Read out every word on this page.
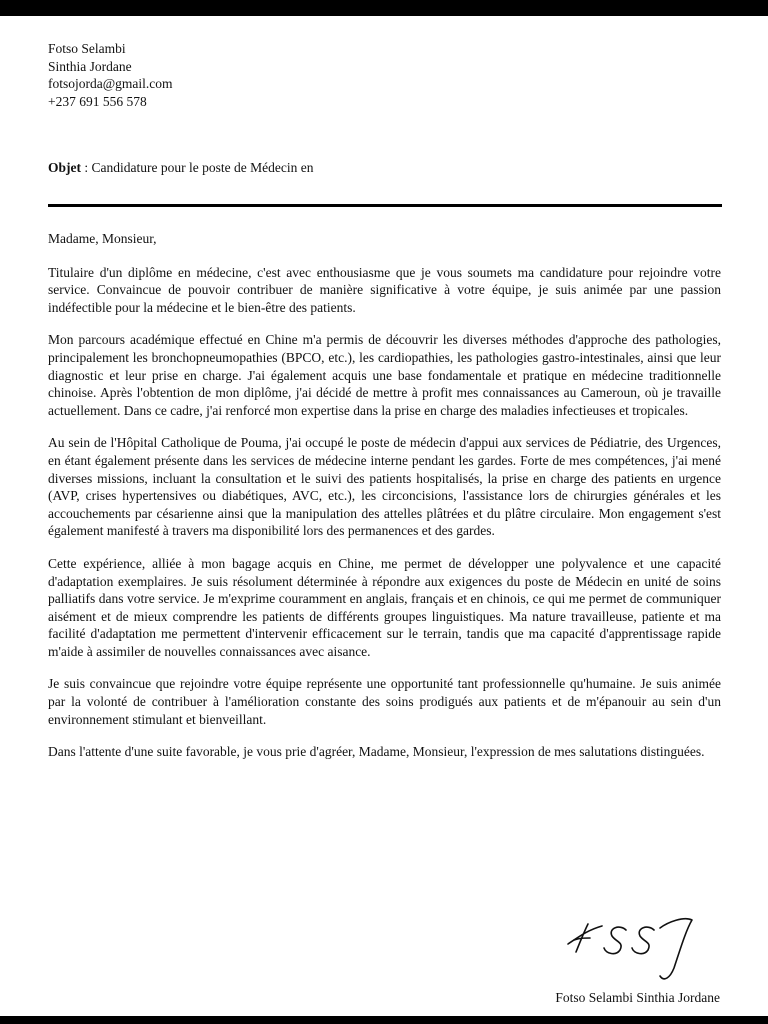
Fotso Selambi
Sinthia Jordane
fotsojorda@gmail.com
+237 691 556 578
Objet : Candidature pour le poste de Médecin en

Madame, Monsieur,

Titulaire d'un diplôme en médecine, c'est avec enthousiasme que je vous soumets ma candidature pour rejoindre votre service. Convaincue de pouvoir contribuer de manière significative à votre équipe, je suis animée par une passion indéfectible pour la médecine et le bien-être des patients.

Mon parcours académique effectué en Chine m'a permis de découvrir les diverses méthodes d'approche des pathologies, principalement les bronchopneumopathies (BPCO, etc.), les cardiopathies, les pathologies gastro-intestinales, ainsi que leur diagnostic et leur prise en charge. J'ai également acquis une base fondamentale et pratique en médecine traditionnelle chinoise. Après l'obtention de mon diplôme, j'ai décidé de mettre à profit mes connaissances au Cameroun, où je travaille actuellement. Dans ce cadre, j'ai renforcé mon expertise dans la prise en charge des maladies infectieuses et tropicales.

Au sein de l'Hôpital Catholique de Pouma, j'ai occupé le poste de médecin d'appui aux services de Pédiatrie, des Urgences, en étant également présente dans les services de médecine interne pendant les gardes. Forte de mes compétences, j'ai mené diverses missions, incluant la consultation et le suivi des patients hospitalisés, la prise en charge des patients en urgence (AVP, crises hypertensives ou diabétiques, AVC, etc.), les circoncisions, l'assistance lors de chirurgies générales et les accouchements par césarienne ainsi que la manipulation des attelles plâtrées et du plâtre circulaire. Mon engagement s'est également manifesté à travers ma disponibilité lors des permanences et des gardes.

Cette expérience, alliée à mon bagage acquis en Chine, me permet de développer une polyvalence et une capacité d'adaptation exemplaires. Je suis résolument déterminée à répondre aux exigences du poste de Médecin en unité de soins palliatifs dans votre service. Je m'exprime couramment en anglais, français et en chinois, ce qui me permet de communiquer aisément et de mieux comprendre les patients de différents groupes linguistiques. Ma nature travailleuse, patiente et ma facilité d'adaptation me permettent d'intervenir efficacement sur le terrain, tandis que ma capacité d'apprentissage rapide m'aide à assimiler de nouvelles connaissances avec aisance.

Je suis convaincue que rejoindre votre équipe représente une opportunité tant professionnelle qu'humaine. Je suis animée par la volonté de contribuer à l'amélioration constante des soins prodigués aux patients et de m'épanouir au sein d'un environnement stimulant et bienveillant.

Dans l'attente d'une suite favorable, je vous prie d'agréer, Madame, Monsieur, l'expression de mes salutations distinguées.

Fotso Selambi Sinthia Jordane
